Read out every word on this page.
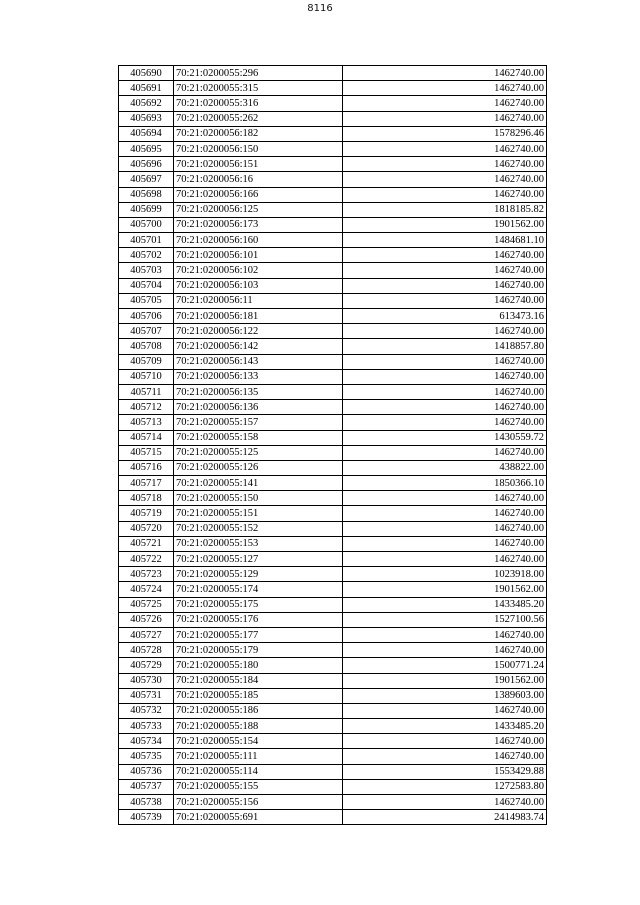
8116
405690	70:21:0200055:296	1462740.00
405691	70:21:0200055:315	1462740.00
405692	70:21:0200055:316	1462740.00
405693	70:21:0200055:262	1462740.00
405694	70:21:0200056:182	1578296.46
405695	70:21:0200056:150	1462740.00
405696	70:21:0200056:151	1462740.00
405697	70:21:0200056:16	1462740.00
405698	70:21:0200056:166	1462740.00
405699	70:21:0200056:125	1818185.82
405700	70:21:0200056:173	1901562.00
405701	70:21:0200056:160	1484681.10
405702	70:21:0200056:101	1462740.00
405703	70:21:0200056:102	1462740.00
405704	70:21:0200056:103	1462740.00
405705	70:21:0200056:11	1462740.00
405706	70:21:0200056:181	613473.16
405707	70:21:0200056:122	1462740.00
405708	70:21:0200056:142	1418857.80
405709	70:21:0200056:143	1462740.00
405710	70:21:0200056:133	1462740.00
405711	70:21:0200056:135	1462740.00
405712	70:21:0200056:136	1462740.00
405713	70:21:0200055:157	1462740.00
405714	70:21:0200055:158	1430559.72
405715	70:21:0200055:125	1462740.00
405716	70:21:0200055:126	438822.00
405717	70:21:0200055:141	1850366.10
405718	70:21:0200055:150	1462740.00
405719	70:21:0200055:151	1462740.00
405720	70:21:0200055:152	1462740.00
405721	70:21:0200055:153	1462740.00
405722	70:21:0200055:127	1462740.00
405723	70:21:0200055:129	1023918.00
405724	70:21:0200055:174	1901562.00
405725	70:21:0200055:175	1433485.20
405726	70:21:0200055:176	1527100.56
405727	70:21:0200055:177	1462740.00
405728	70:21:0200055:179	1462740.00
405729	70:21:0200055:180	1500771.24
405730	70:21:0200055:184	1901562.00
405731	70:21:0200055:185	1389603.00
405732	70:21:0200055:186	1462740.00
405733	70:21:0200055:188	1433485.20
405734	70:21:0200055:154	1462740.00
405735	70:21:0200055:111	1462740.00
405736	70:21:0200055:114	1553429.88
405737	70:21:0200055:155	1272583.80
405738	70:21:0200055:156	1462740.00
405739	70:21:0200055:691	2414983.74
